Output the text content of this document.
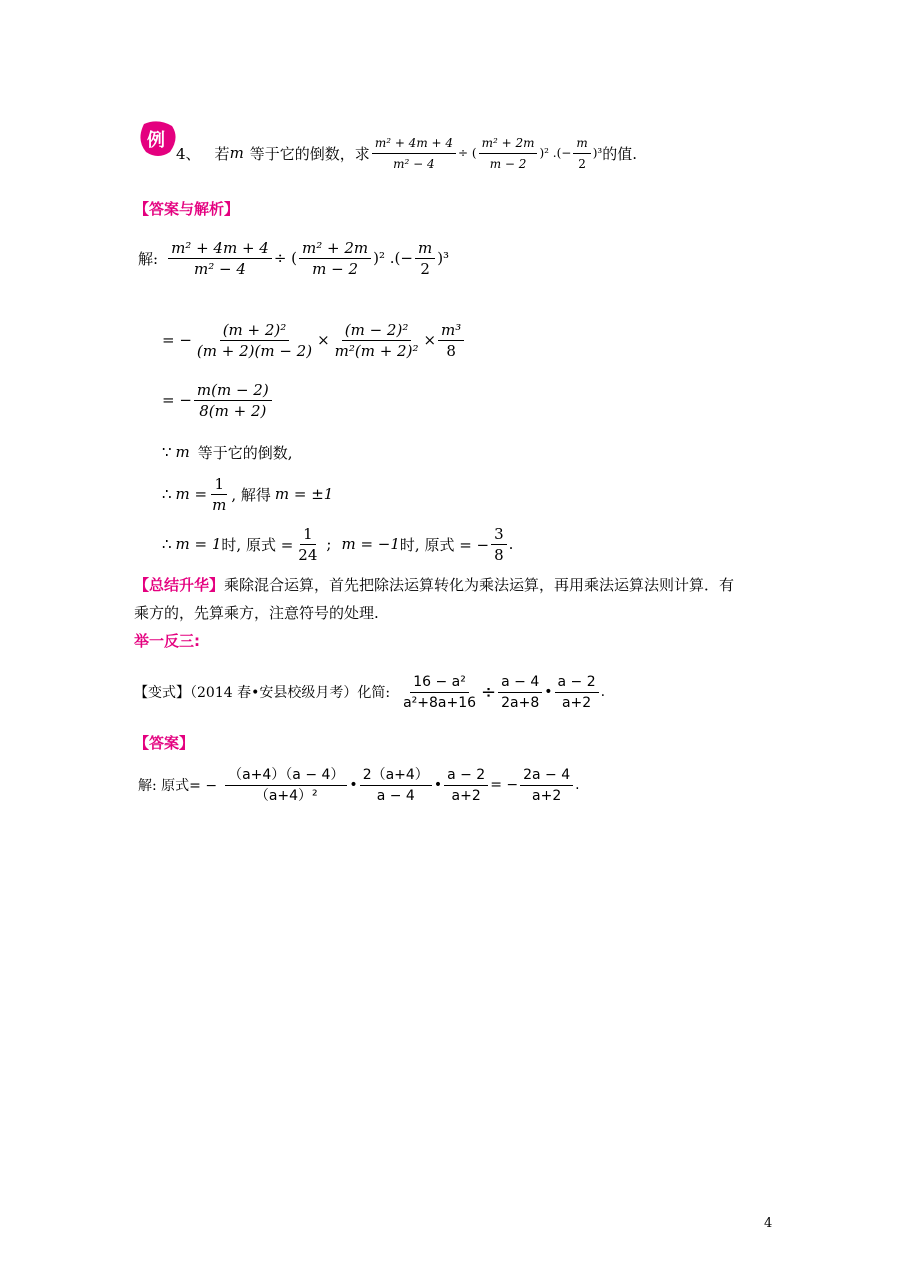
例
4、 若 m 等于它的倒数，求 $\frac{\text{m² + 4m + 4}}{\text{m² − 4}}$ ÷ ( $\frac{\text{m² + 2m}}{m - 2} )^2$ .(− $\frac{m}{2} )^3$ 的值.
【答案与解析】
解: $\frac{\text{m² + 4m + 4}}{\text{m² − 4}}$ ÷ ( $\frac{\text{m² + 2m}}{m - 2} )^2$ .(− $\frac{m}{2} )^3$
= − $\frac{\text{(m + 2)²}}{(m + 2)(m - 2)} \times \frac{\text{(m − 2)²}}{\text{m²(m + 2)²}} \times \frac{\text{m³}}{8}$
= − $\frac{m(m - 2)}{8(m + 2)}$
∵ m 等于它的倒数,
∴ $m = \frac{1}{m}$ , 解得 m = ±1
∴ m = 1 时, 原式 = $\frac{1}{24}$ ; m = −1 时, 原式 = − $\frac{3}{8}$ .
【总结升华】乘除混合运算，首先把除法运算转化为乘法运算，再用乘法运算法则计算．有
乘方的，先算乘方，注意符号的处理.
举一反三:
【变式】（2014 春•安县校级月考）化简: $\frac{\text{16 − a²}}{\text{a²+8a+16}} \div \frac{a - 4}{2a+8}$ • $\frac{a - 2}{a+2}$ .
【答案】
解: 原式= − $\frac{(a+4)(a - 4)}{\text{（a+4）²}}$ • $\frac{2(a+4)}{a - 4}$ • $\frac{a - 2}{a+2}$ = − $\frac{2a - 4}{a+2}$ .
4
